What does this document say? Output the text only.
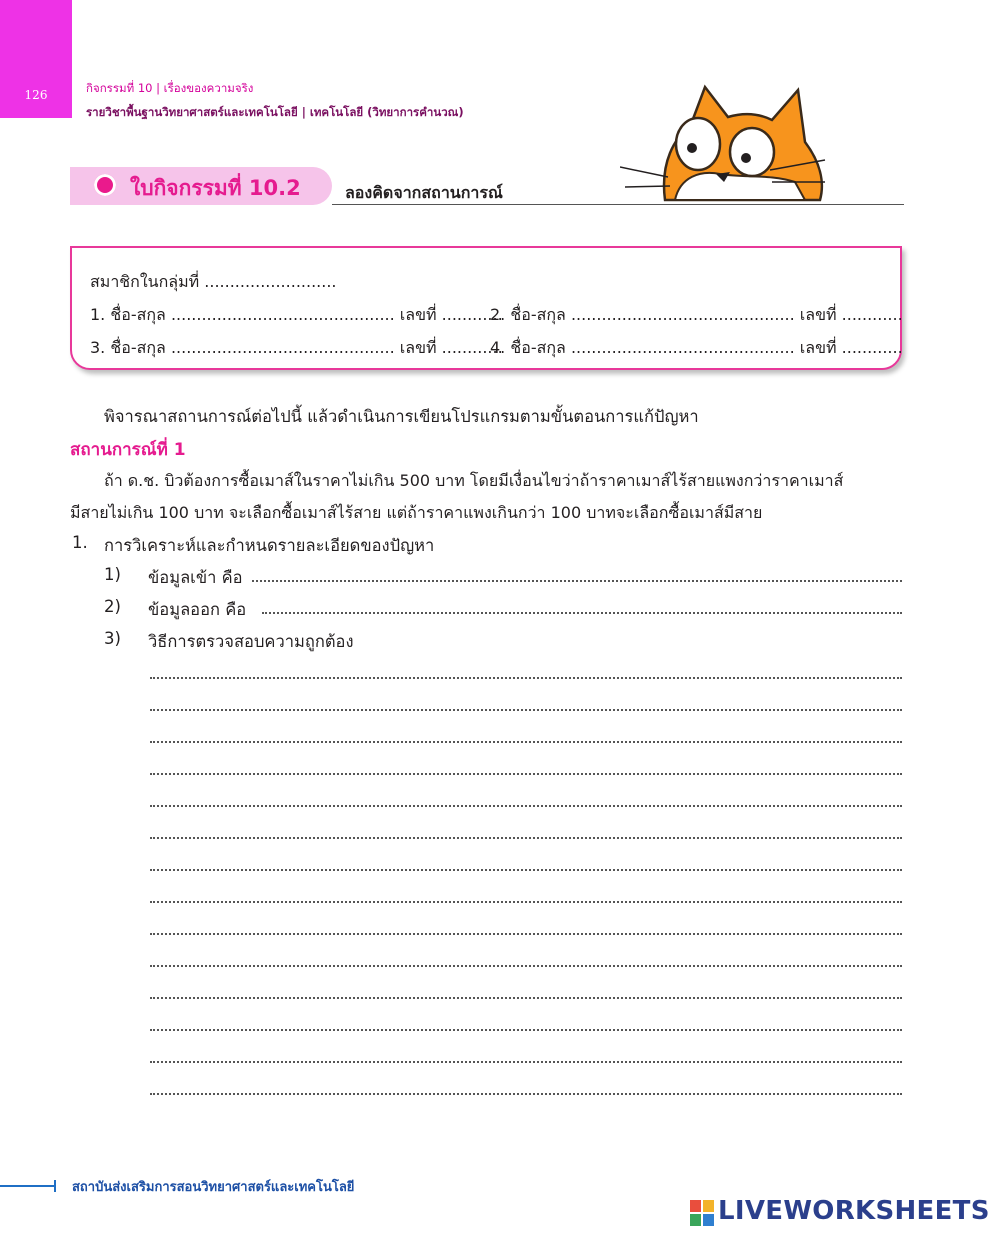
126	กิจกรรมที่ 10 | เรื่องของความจริง
รายวิชาพื้นฐานวิทยาศาสตร์และเทคโนโลยี | เทคโนโลยี (วิทยาการคำนวณ)
ใบกิจกรรมที่ 10.2	ลองคิดจากสถานการณ์
สมาชิกในกลุ่มที่ ..........................
1. ชื่อ-สกุล ............................................ เลขที่ ............
2. ชื่อ-สกุล ............................................ เลขที่ ............
3. ชื่อ-สกุล ............................................ เลขที่ ............
4. ชื่อ-สกุล ............................................ เลขที่ ............
พิจารณาสถานการณ์ต่อไปนี้ แล้วดำเนินการเขียนโปรแกรมตามขั้นตอนการแก้ปัญหา
สถานการณ์ที่ 1
ถ้า ด.ช. บิวต้องการซื้อเมาส์ในราคาไม่เกิน 500 บาท โดยมีเงื่อนไขว่าถ้าราคาเมาส์ไร้สายแพงกว่าราคาเมาส์
มีสายไม่เกิน 100 บาท จะเลือกซื้อเมาส์ไร้สาย แต่ถ้าราคาแพงเกินกว่า 100 บาทจะเลือกซื้อเมาส์มีสาย
1. การวิเคราะห์และกำหนดรายละเอียดของปัญหา
1) ข้อมูลเข้า คือ
2) ข้อมูลออก คือ
3) วิธีการตรวจสอบความถูกต้อง
สถาบันส่งเสริมการสอนวิทยาศาสตร์และเทคโนโลยี
LIVEWORKSHEETS
